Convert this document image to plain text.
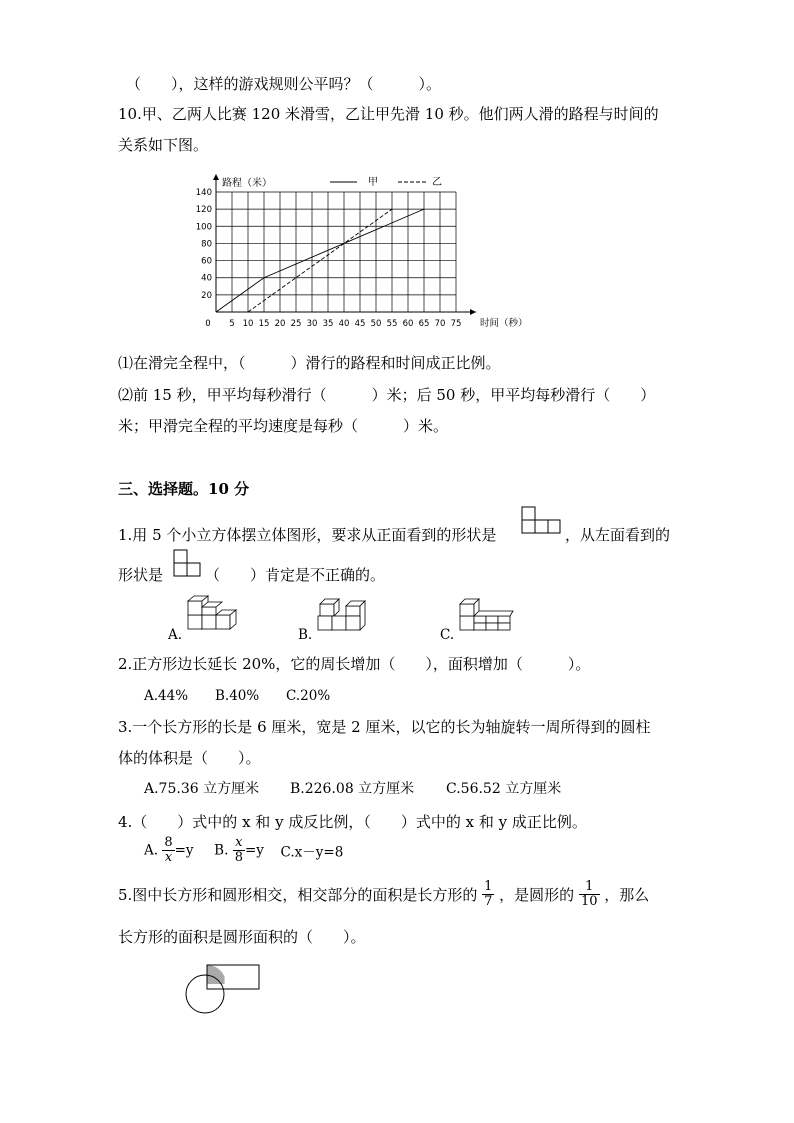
（　　），这样的游戏规则公平吗？（　　　）。
10.甲、乙两人比赛 120 米滑雪，乙让甲先滑 10 秒。他们两人滑的路程与时间的
关系如下图。
0 5 10 15 20 25 30 35 40 45 50 55 60 65 70 75
20
40
60
80
100
120
140
路程（米）
时间（秒）
甲	乙
⑴在滑完全程中，（　　　）滑行的路程和时间成正比例。
⑵前 15 秒，甲平均每秒滑行（　　　）米；后 50 秒，甲平均每秒滑行（　　）
米；甲滑完全程的平均速度是每秒（　　　）米。
三、选择题。10 分
1.用 5 个小立方体摆立体图形，要求从正面看到的形状是	，从左面看到的
形状是	（　　）肯定是不正确的。
A.	B.	C.
2.正方形边长延长 20%，它的周长增加（　　），面积增加（　　　）。
A.44% B.40% C.20%
3.一个长方形的长是 6 厘米，宽是 2 厘米，以它的长为轴旋转一周所得到的圆柱
体的体积是（　　）。
A.75.36 立方厘米 B.226.08 立方厘米 C.56.52 立方厘米
4.（　　）式中的 x 和 y 成反比例，（　　）式中的 x 和 y 成正比例。
A. $\frac{8}{x} =y$ B. $\frac{x}{8} =y$ C.x－y=8
5.图中长方形和圆形相交，相交部分的面积是长方形的 $\frac{1}{7}$ ，是圆形的 $\frac{1}{10}$ ，那么
长方形的面积是圆形面积的（　　）。
